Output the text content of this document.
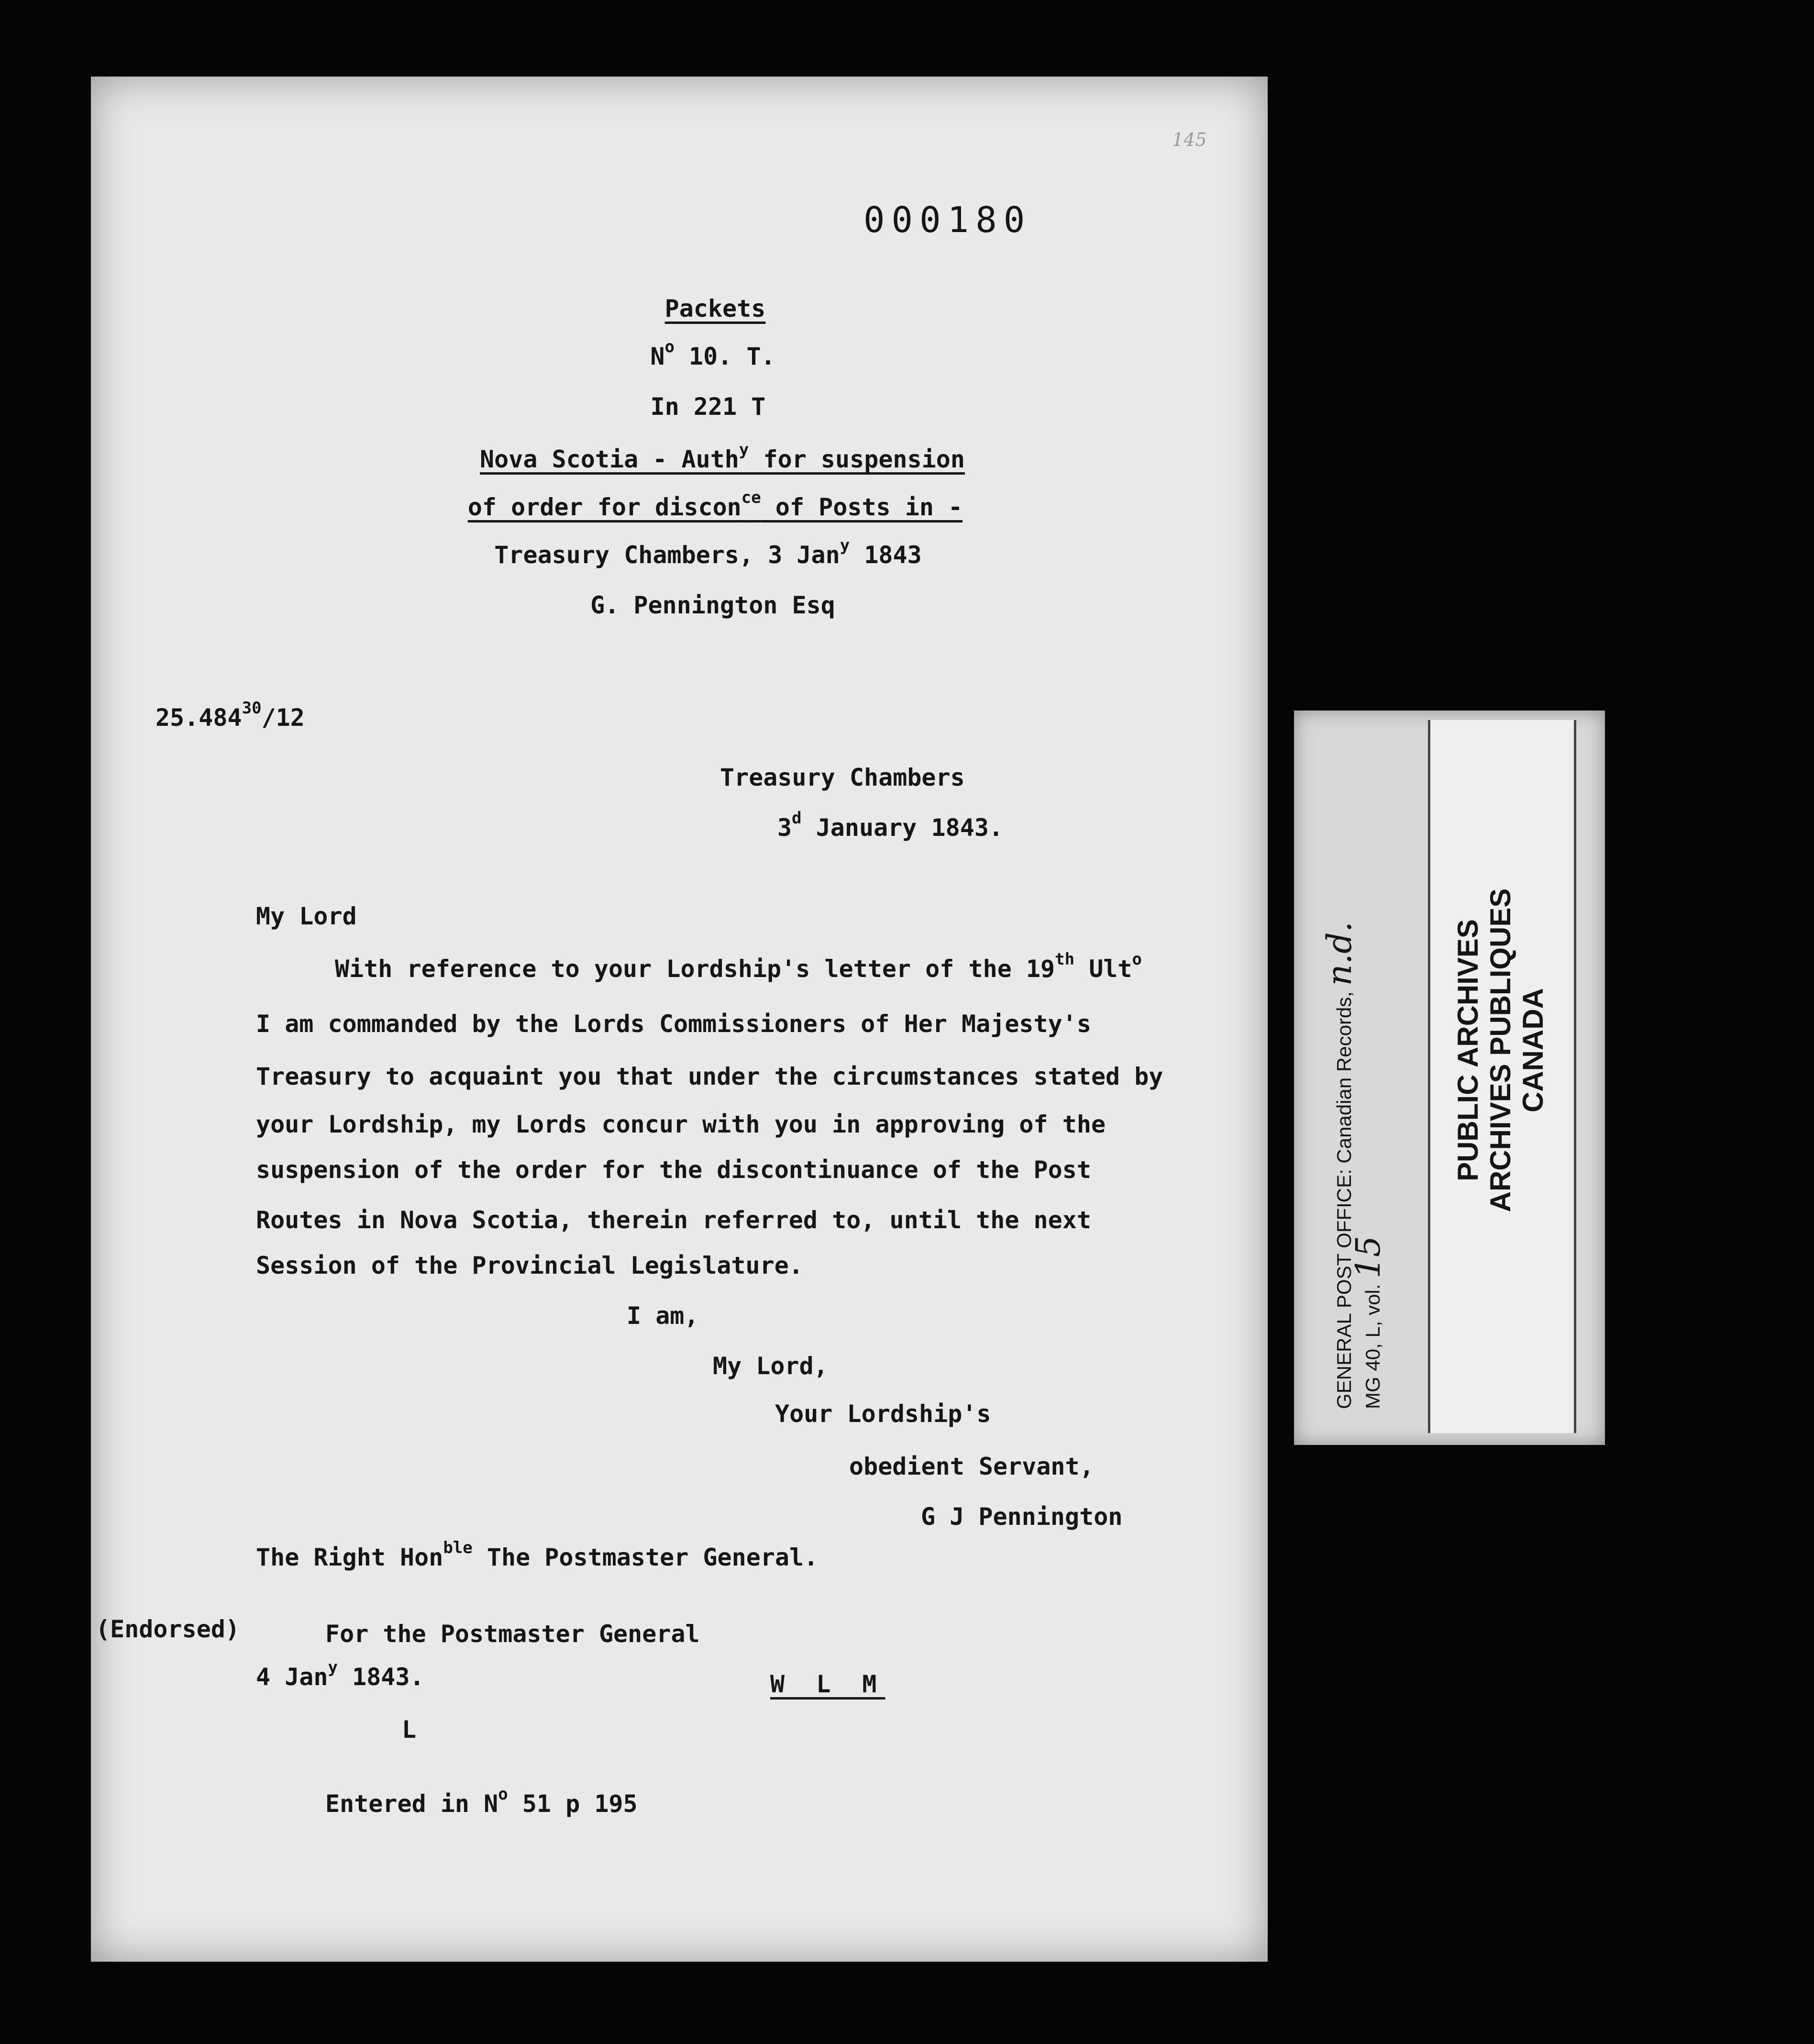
145
000180
Packets
$N^o$ 10. T.
In 221 T
Nova Scotia - Auth$^y$ for suspension
of order for discon$^{ce}$ of Posts in -
Treasury Chambers, 3 Jan$^y$ 1843
G. Pennington Esq
25.484$^{30}$/12
Treasury Chambers
3$^d$ January 1843.
My Lord
With reference to your Lordship's letter of the 19th Ult$^o$
I am commanded by the Lords Commissioners of Her Majesty's
Treasury to acquaint you that under the circumstances stated by
your Lordship, my Lords concur with you in approving of the
suspension of the order for the discontinuance of the Post
Routes in Nova Scotia, therein referred to, until the next
Session of the Provincial Legislature.
I am,
My Lord,
Your Lordship's
obedient Servant,
G J Pennington
The Right Hon$^{ble}$ The Postmaster General.
(Endorsed)	For the Postmaster General
4 Jan$^y$ 1843.	W L M
L
Entered in $N^o$ 51 p 195
GENERAL POST OFFICE: Canadian Records, n.d.
MG 40, L, vol. 15
PUBLIC ARCHIVES ARCHIVES PUBLIQUES CANADA
